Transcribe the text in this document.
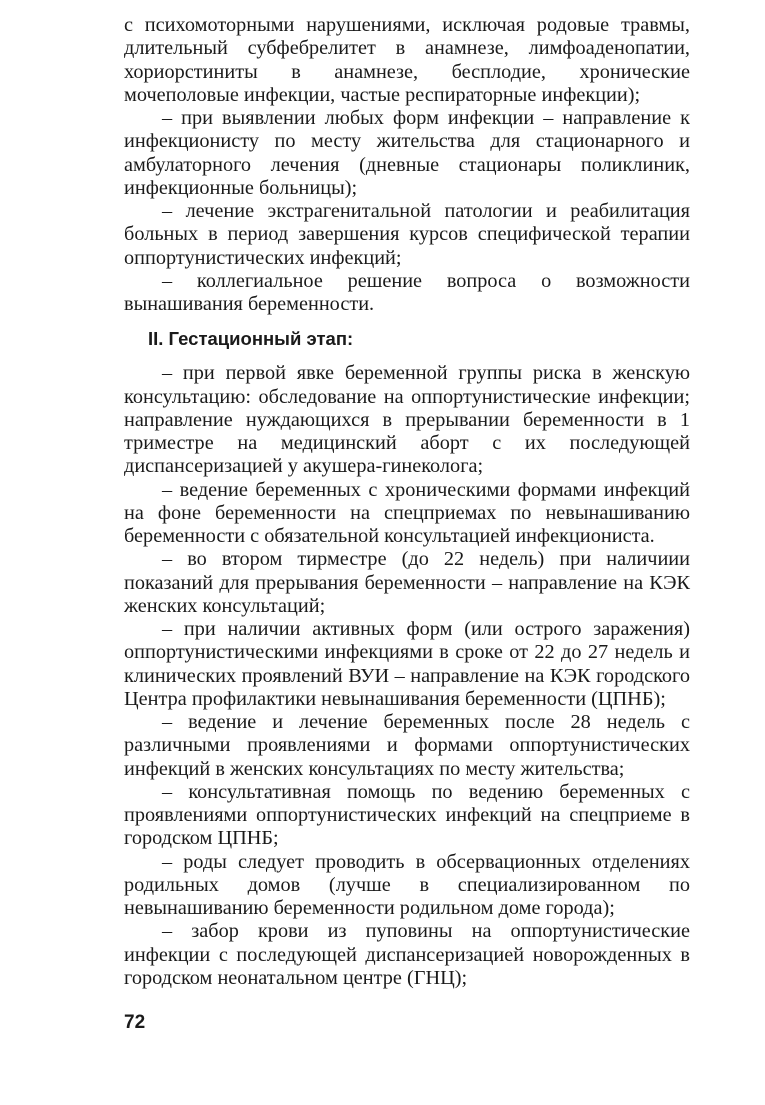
с психомоторными нарушениями, исключая родовые травмы, длительный субфебрелитет в анамнезе, лимфоаденопатии, хориорстиниты в анамнезе, бесплодие, хронические мочеполовые инфекции, частые респираторные инфекции);

– при выявлении любых форм инфекции – направление к инфекционисту по месту жительства для стационарного и амбулаторного лечения (дневные стационары поликлиник, инфекционные больницы);

– лечение экстрагенитальной патологии и реабилитация больных в период завершения курсов специфической терапии оппортунистических инфекций;

– коллегиальное решение вопроса о возможности вынашивания беременности.

II. Гестационный этап:

– при первой явке беременной группы риска в женскую консультацию: обследование на оппортунистические инфекции; направление нуждающихся в прерывании беременности в 1 триместре на медицинский аборт с их последующей диспансеризацией у акушера-гинеколога;

– ведение беременных с хроническими формами инфекций на фоне беременности на спецприемах по невынашиванию беременности с обязательной консультацией инфекциониста.

– во втором тирместре (до 22 недель) при наличиии показаний для прерывания беременности – направление на КЭК женских консультаций;

– при наличии активных форм (или острого заражения) оппортунистическими инфекциями в сроке от 22 до 27 недель и клинических проявлений ВУИ – направление на КЭК городского Центра профилактики невынашивания беременности (ЦПНБ);

– ведение и лечение беременных после 28 недель с различными проявлениями и формами оппортунистических инфекций в женских консультациях по месту жительства;

– консультативная помощь по ведению беременных с проявлениями оппортунистических инфекций на спецприеме в городском ЦПНБ;

– роды следует проводить в обсервационных отделениях родильных домов (лучше в специализированном по невынашиванию беременности родильном доме города);

– забор крови из пуповины на оппортунистические инфекции с последующей диспансеризацией новорожденных в городском неонатальном центре (ГНЦ);

72
